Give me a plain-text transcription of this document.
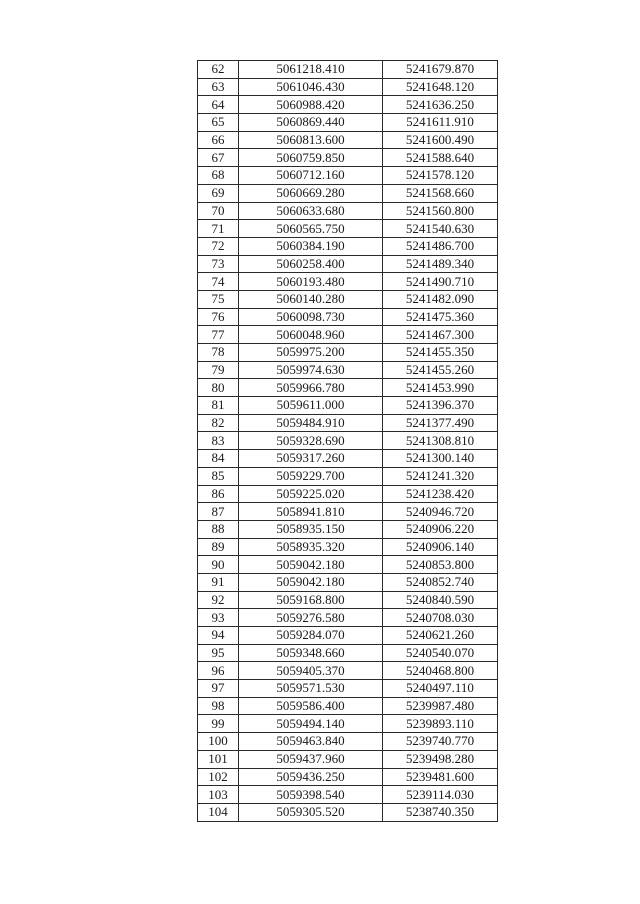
62	5061218.410	5241679.870
63	5061046.430	5241648.120
64	5060988.420	5241636.250
65	5060869.440	5241611.910
66	5060813.600	5241600.490
67	5060759.850	5241588.640
68	5060712.160	5241578.120
69	5060669.280	5241568.660
70	5060633.680	5241560.800
71	5060565.750	5241540.630
72	5060384.190	5241486.700
73	5060258.400	5241489.340
74	5060193.480	5241490.710
75	5060140.280	5241482.090
76	5060098.730	5241475.360
77	5060048.960	5241467.300
78	5059975.200	5241455.350
79	5059974.630	5241455.260
80	5059966.780	5241453.990
81	5059611.000	5241396.370
82	5059484.910	5241377.490
83	5059328.690	5241308.810
84	5059317.260	5241300.140
85	5059229.700	5241241.320
86	5059225.020	5241238.420
87	5058941.810	5240946.720
88	5058935.150	5240906.220
89	5058935.320	5240906.140
90	5059042.180	5240853.800
91	5059042.180	5240852.740
92	5059168.800	5240840.590
93	5059276.580	5240708.030
94	5059284.070	5240621.260
95	5059348.660	5240540.070
96	5059405.370	5240468.800
97	5059571.530	5240497.110
98	5059586.400	5239987.480
99	5059494.140	5239893.110
100	5059463.840	5239740.770
101	5059437.960	5239498.280
102	5059436.250	5239481.600
103	5059398.540	5239114.030
104	5059305.520	5238740.350
